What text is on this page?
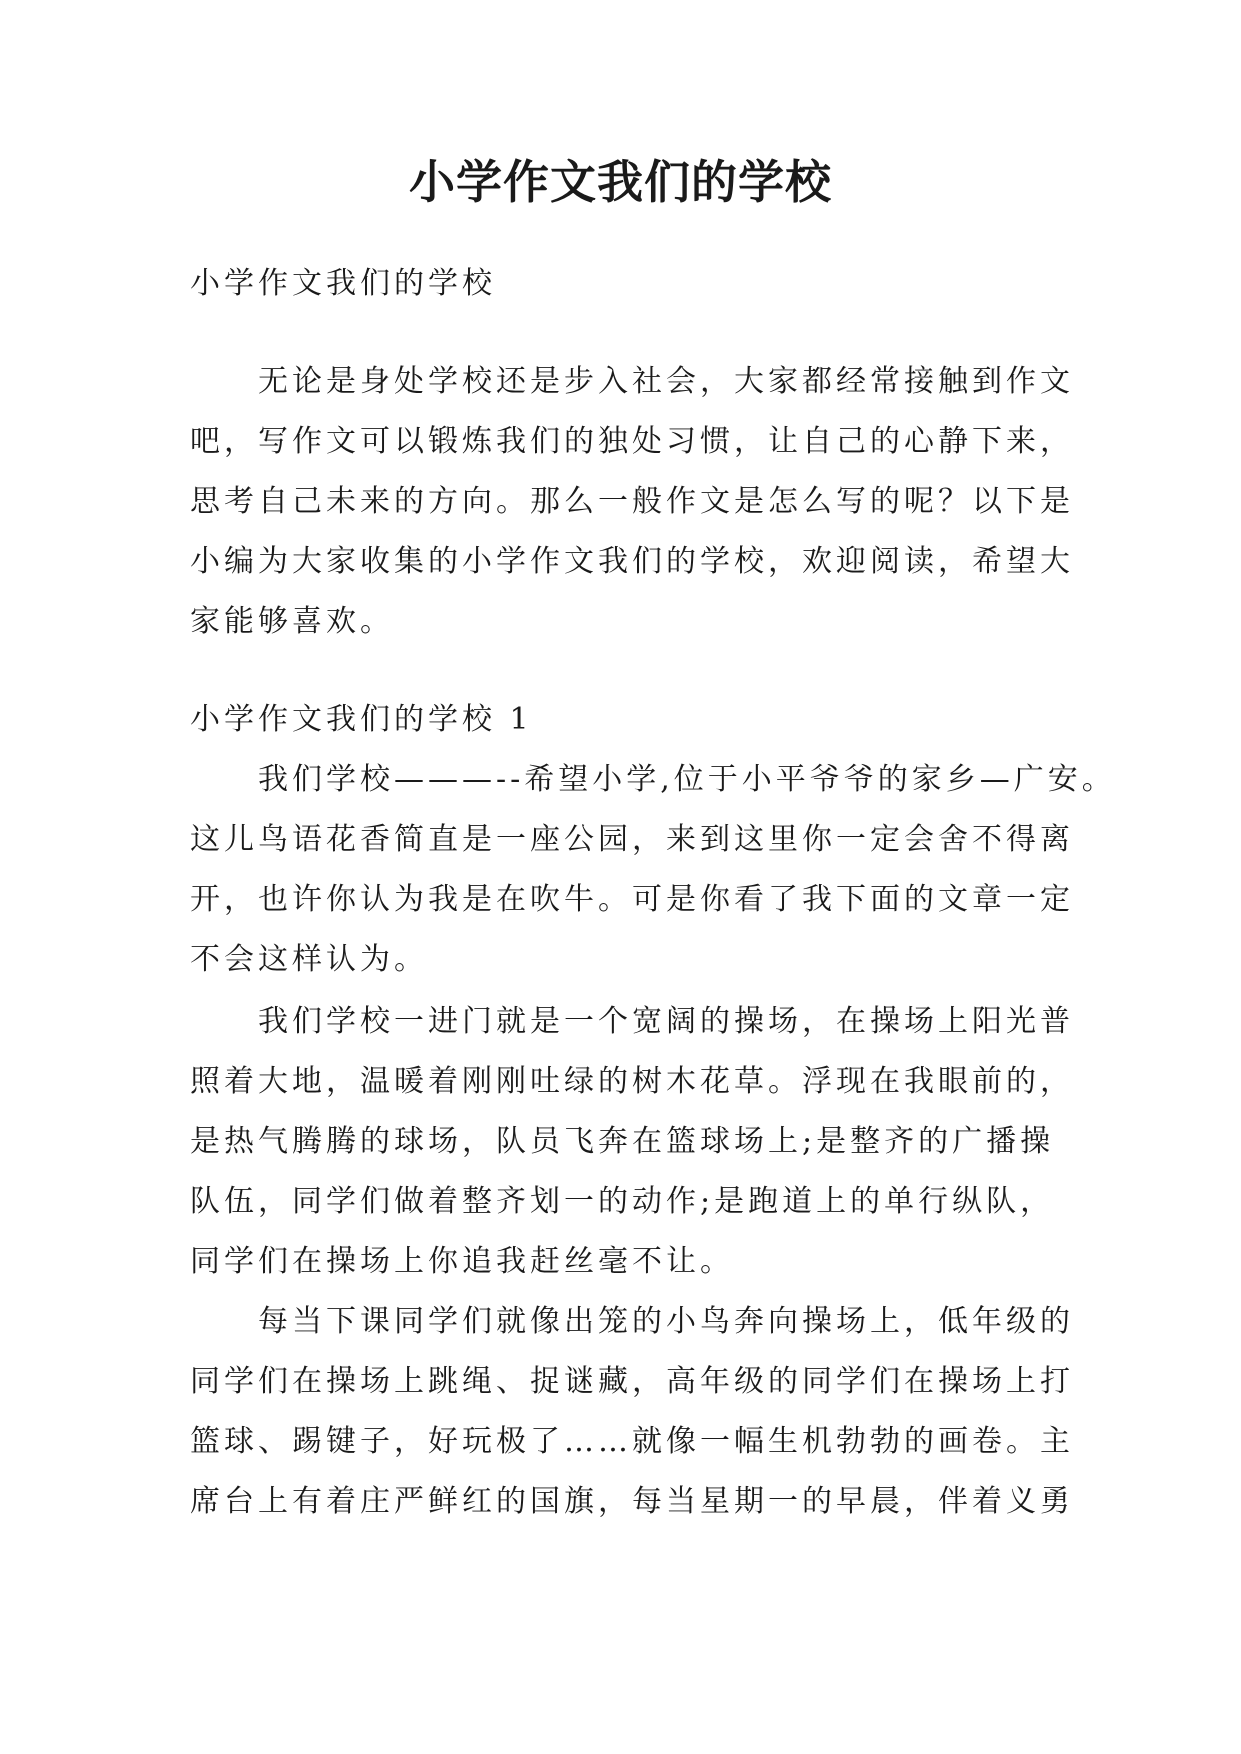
小学作文我们的学校

小学作文我们的学校

无论是身处学校还是步入社会，大家都经常接触到作文

吧，写作文可以锻炼我们的独处习惯，让自己的心静下来，

思考自己未来的方向。那么一般作文是怎么写的呢？以下是

小编为大家收集的小学作文我们的学校，欢迎阅读，希望大

家能够喜欢。

小学作文我们的学校 1

我们学校———--希望小学,位于小平爷爷的家乡—广安。

这儿鸟语花香简直是一座公园，来到这里你一定会舍不得离

开，也许你认为我是在吹牛。可是你看了我下面的文章一定

不会这样认为。

我们学校一进门就是一个宽阔的操场，在操场上阳光普

照着大地，温暖着刚刚吐绿的树木花草。浮现在我眼前的，

是热气腾腾的球场，队员飞奔在篮球场上;是整齐的广播操

队伍，同学们做着整齐划一的动作;是跑道上的单行纵队，

同学们在操场上你追我赶丝毫不让。

每当下课同学们就像出笼的小鸟奔向操场上，低年级的

同学们在操场上跳绳、捉谜藏，高年级的同学们在操场上打

篮球、踢键子，好玩极了……就像一幅生机勃勃的画卷。主

席台上有着庄严鲜红的国旗，每当星期一的早晨，伴着义勇
